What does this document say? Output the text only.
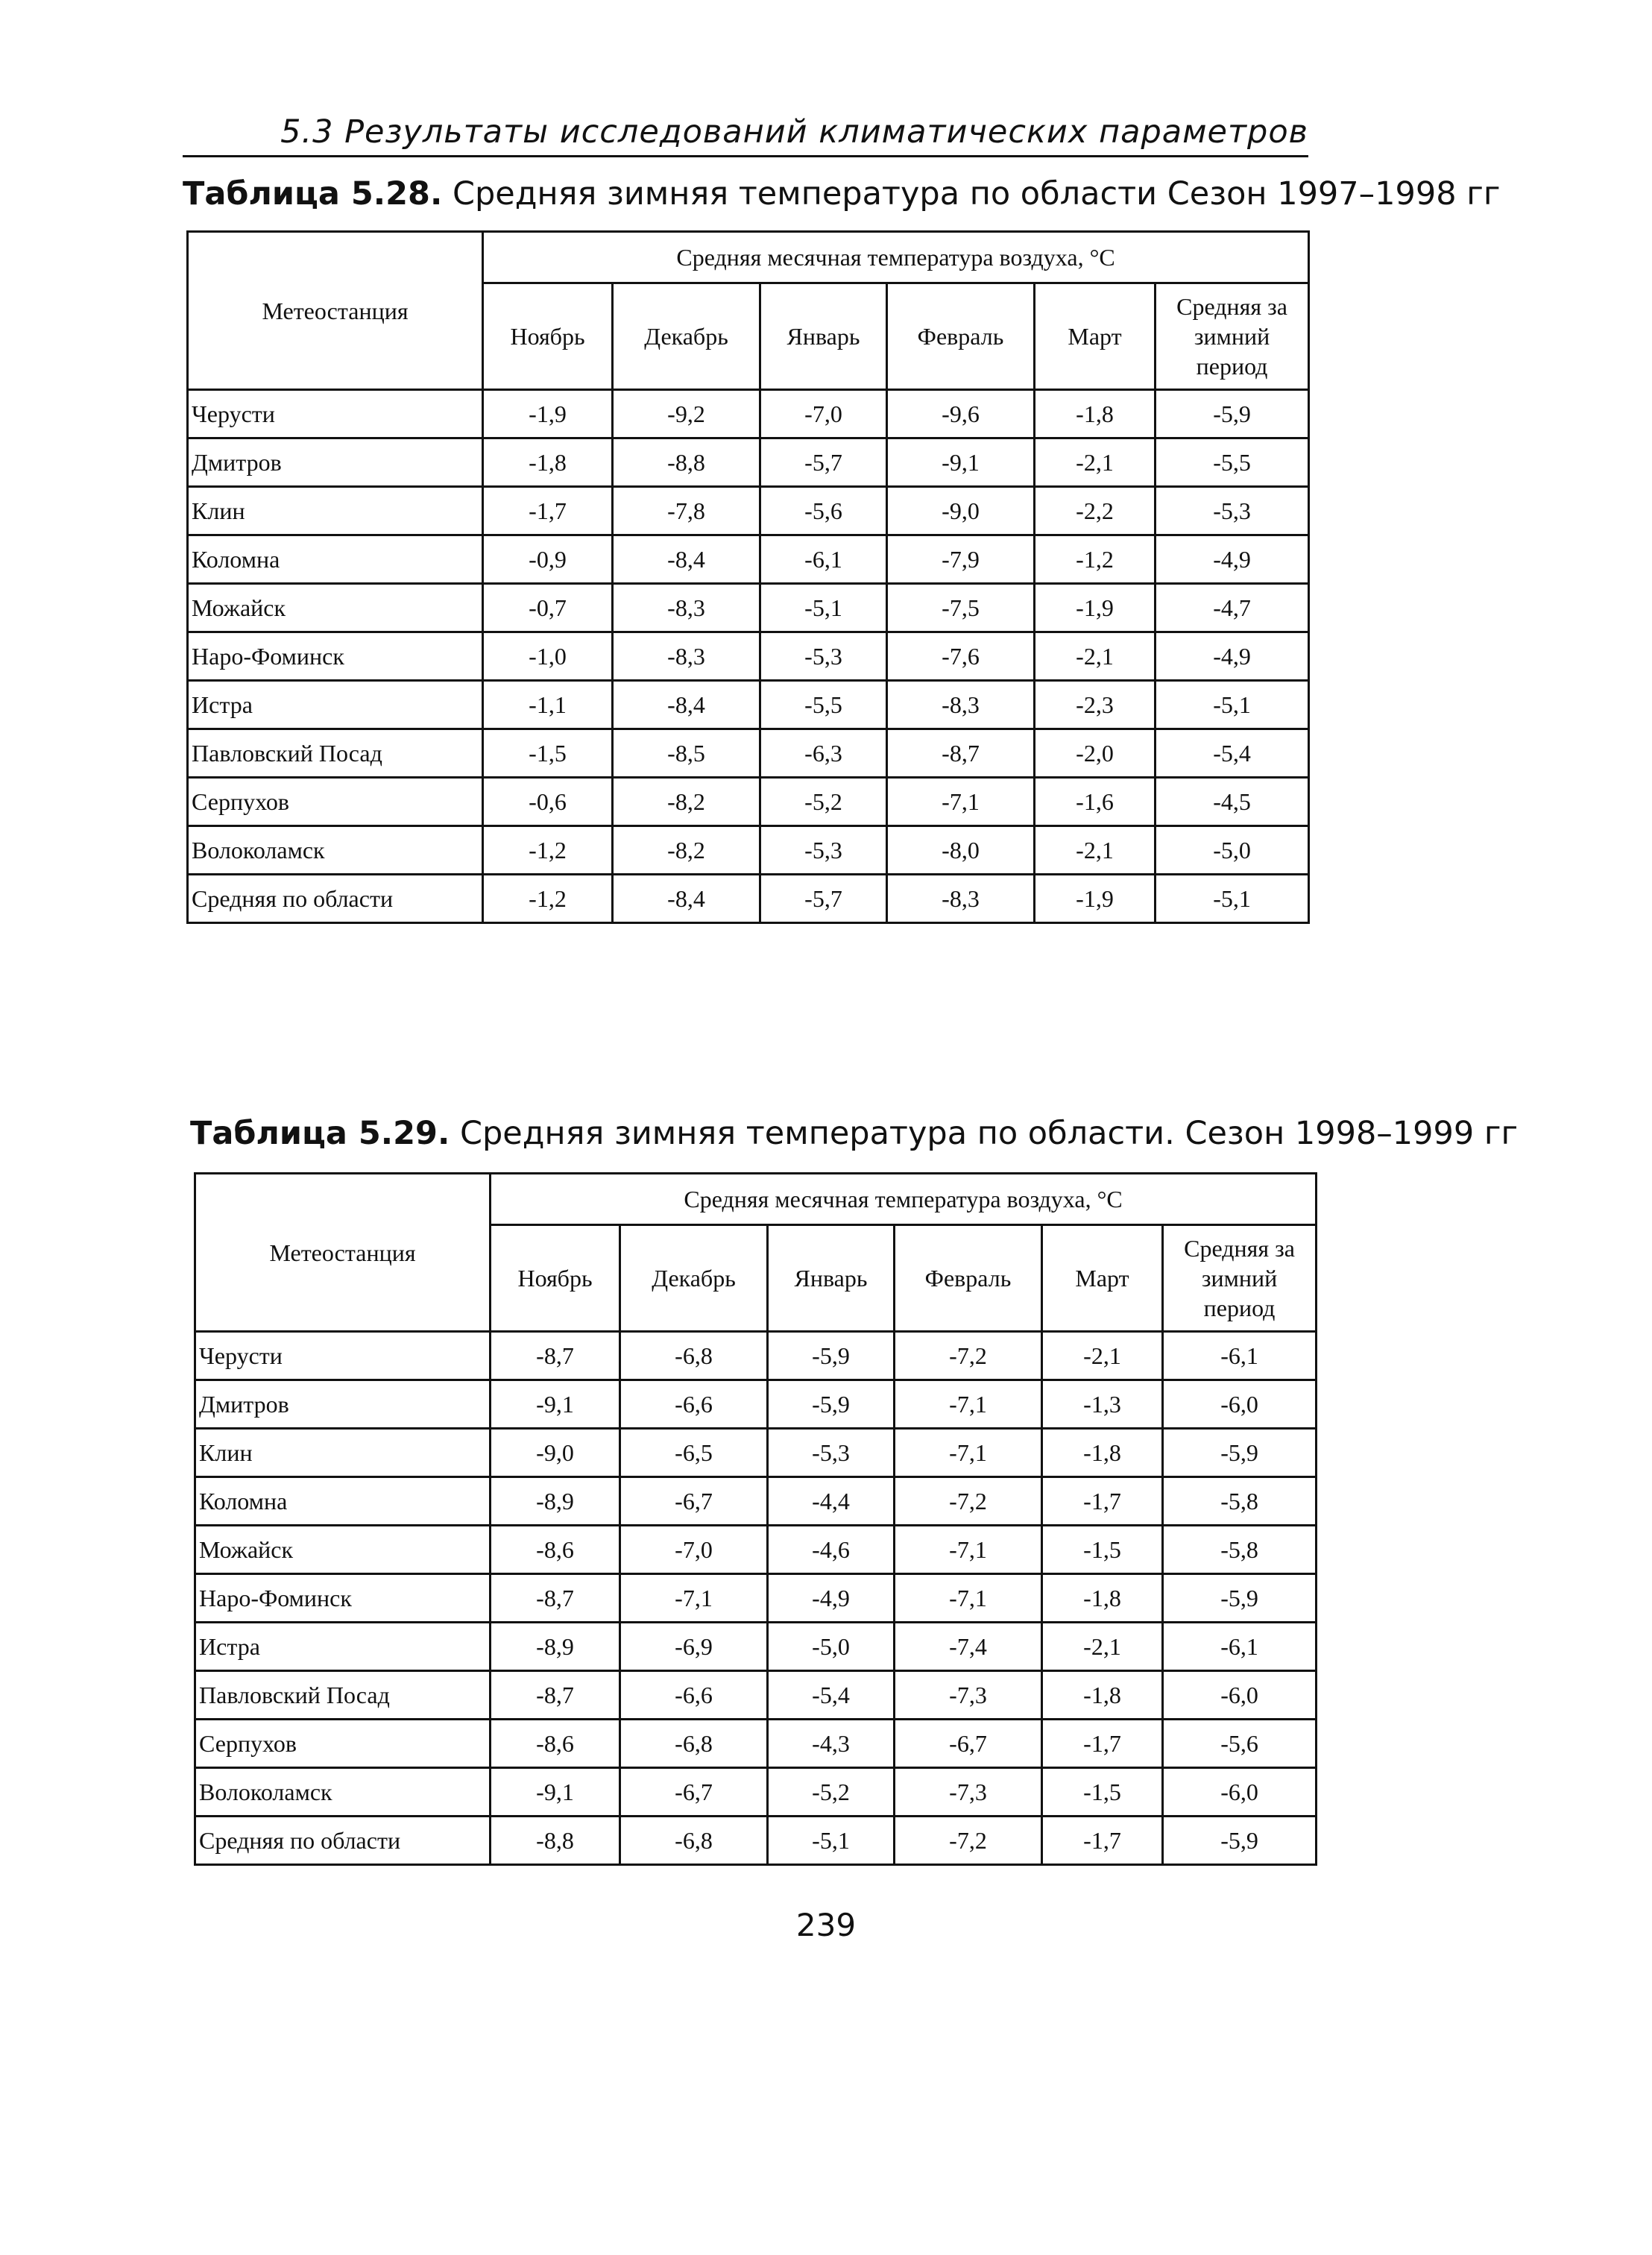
5.3 Результаты исследований климатических параметров
Таблица 5.28. Средняя зимняя температура по области Сезон 1997–1998 гг
Метеостанция	Средняя месячная температура воздуха, °С					
	Ноябрь	Декабрь	Январь	Февраль	Март	Средняя за зимний период
Черусти	-1,9	-9,2	-7,0	-9,6	-1,8	-5,9
Дмитров	-1,8	-8,8	-5,7	-9,1	-2,1	-5,5
Клин	-1,7	-7,8	-5,6	-9,0	-2,2	-5,3
Коломна	-0,9	-8,4	-6,1	-7,9	-1,2	-4,9
Можайск	-0,7	-8,3	-5,1	-7,5	-1,9	-4,7
Наро-Фоминск	-1,0	-8,3	-5,3	-7,6	-2,1	-4,9
Истра	-1,1	-8,4	-5,5	-8,3	-2,3	-5,1
Павловский Посад	-1,5	-8,5	-6,3	-8,7	-2,0	-5,4
Серпухов	-0,6	-8,2	-5,2	-7,1	-1,6	-4,5
Волоколамск	-1,2	-8,2	-5,3	-8,0	-2,1	-5,0
Средняя по области	-1,2	-8,4	-5,7	-8,3	-1,9	-5,1
Таблица 5.29. Средняя зимняя температура по области. Сезон 1998–1999 гг
Метеостанция	Средняя месячная температура воздуха, °С					
	Ноябрь	Декабрь	Январь	Февраль	Март	Средняя за зимний период
Черусти	-8,7	-6,8	-5,9	-7,2	-2,1	-6,1
Дмитров	-9,1	-6,6	-5,9	-7,1	-1,3	-6,0
Клин	-9,0	-6,5	-5,3	-7,1	-1,8	-5,9
Коломна	-8,9	-6,7	-4,4	-7,2	-1,7	-5,8
Можайск	-8,6	-7,0	-4,6	-7,1	-1,5	-5,8
Наро-Фоминск	-8,7	-7,1	-4,9	-7,1	-1,8	-5,9
Истра	-8,9	-6,9	-5,0	-7,4	-2,1	-6,1
Павловский Посад	-8,7	-6,6	-5,4	-7,3	-1,8	-6,0
Серпухов	-8,6	-6,8	-4,3	-6,7	-1,7	-5,6
Волоколамск	-9,1	-6,7	-5,2	-7,3	-1,5	-6,0
Средняя по области	-8,8	-6,8	-5,1	-7,2	-1,7	-5,9
239
